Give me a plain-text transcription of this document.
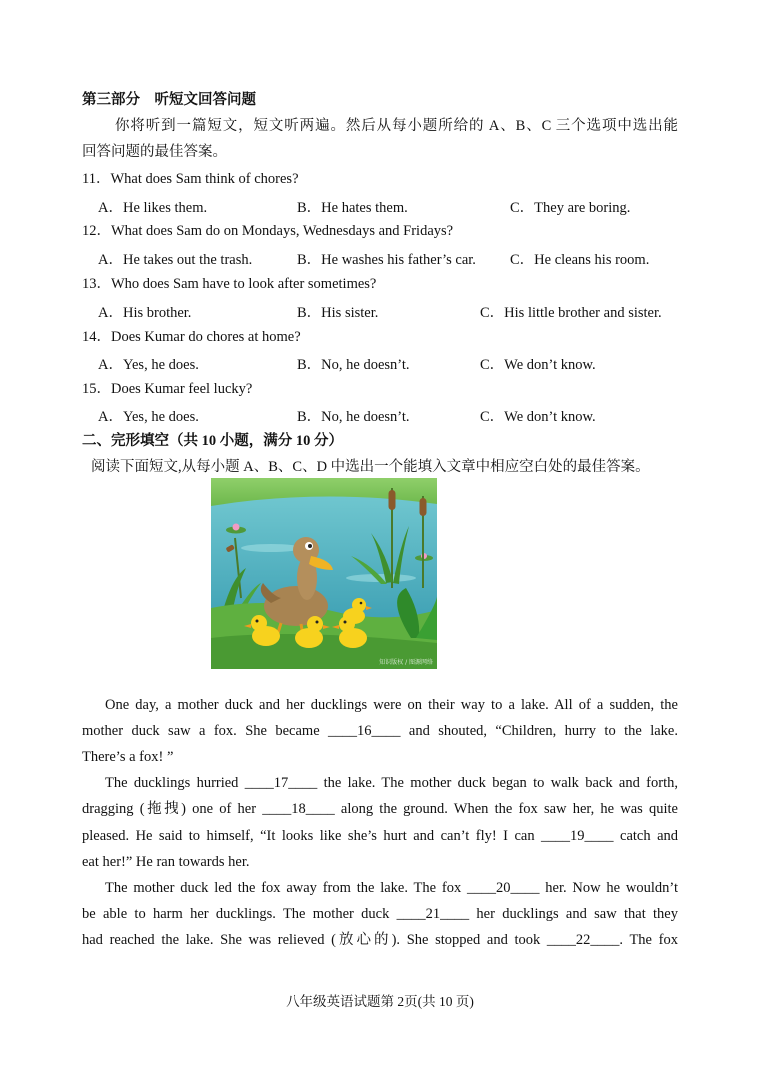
第三部分　听短文回答问题
你将听到一篇短文，短文听两遍。然后从每小题所给的 A、B、C 三个选项中选出能
回答问题的最佳答案。
11．What does Sam think of chores?
A．He likes them.	B．He hates them.	C．They are boring.
12．What does Sam do on Mondays, Wednesdays and Fridays?
A．He takes out the trash.	B．He washes his father’s car. C．He cleans his room.
13．Who does Sam have to look after sometimes?
A．His brother.	B．His sister.	C．His little brother and sister.
14．Does Kumar do chores at home?
A．Yes, he does.	B．No, he doesn’t.	C．We don’t know.
15．Does Kumar feel lucky?
A．Yes, he does.	B．No, he doesn’t.	C．We don’t know.
二、完形填空（共 10 小题，满分 10 分）
阅读下面短文,从每小题 A、B、C、D 中选出一个能填入文章中相应空白处的最佳答案。
知识版权 / 图源网络
One day, a mother duck and her ducklings were on their way to a lake. All of a sudden, the
mother duck saw a fox. She became ____16____ and shouted, “Children, hurry to the lake.
There’s a fox! ”
The ducklings hurried ____17____ the lake. The mother duck began to walk back and forth,
dragging (拖拽) one of her ____18____ along the ground. When the fox saw her, he was quite
pleased. He said to himself, “It looks like she’s hurt and can’t fly! I can ____19____ catch and
eat her!” He ran towards her.
The mother duck led the fox away from the lake. The fox ____20____ her. Now he wouldn’t
be able to harm her ducklings. The mother duck ____21____ her ducklings and saw that they
had reached the lake. She was relieved (放心的). She stopped and took ____22____. The fox
八年级英语试题第 2页(共 10 页)
